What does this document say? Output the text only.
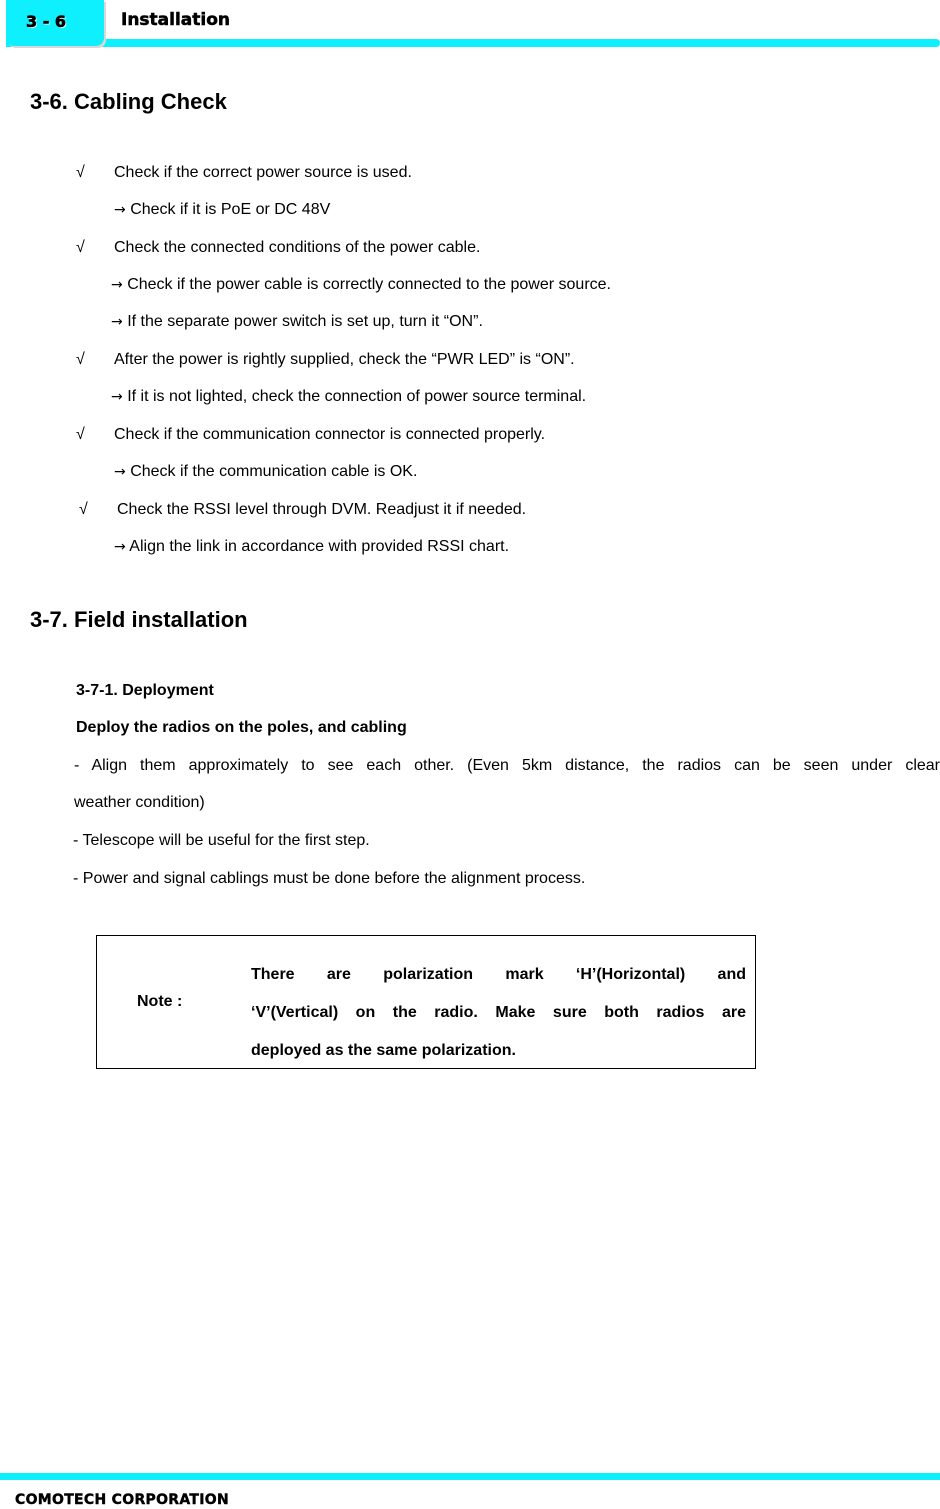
3 - 6	Installation
3-6. Cabling Check
√ Check if the correct power source is used.
→ Check if it is PoE or DC 48V
√ Check the connected conditions of the power cable.
→ Check if the power cable is correctly connected to the power source.
→ If the separate power switch is set up, turn it “ON”.
√ After the power is rightly supplied, check the “PWR LED” is “ON”.
→ If it is not lighted, check the connection of power source terminal.
√ Check if the communication connector is connected properly.
→ Check if the communication cable is OK.
√ Check the RSSI level through DVM. Readjust it if needed.
→ Align the link in accordance with provided RSSI chart.
3-7. Field installation
3-7-1. Deployment
Deploy the radios on the poles, and cabling
- Align them approximately to see each other. (Even 5km distance, the radios can be seen under clear
weather condition)
- Telescope will be useful for the first step.
- Power and signal cablings must be done before the alignment process.
Note :
There are polarization mark ‘H’(Horizontal) and
‘V’(Vertical) on the radio. Make sure both radios are
deployed as the same polarization.
COMOTECH CORPORATION
